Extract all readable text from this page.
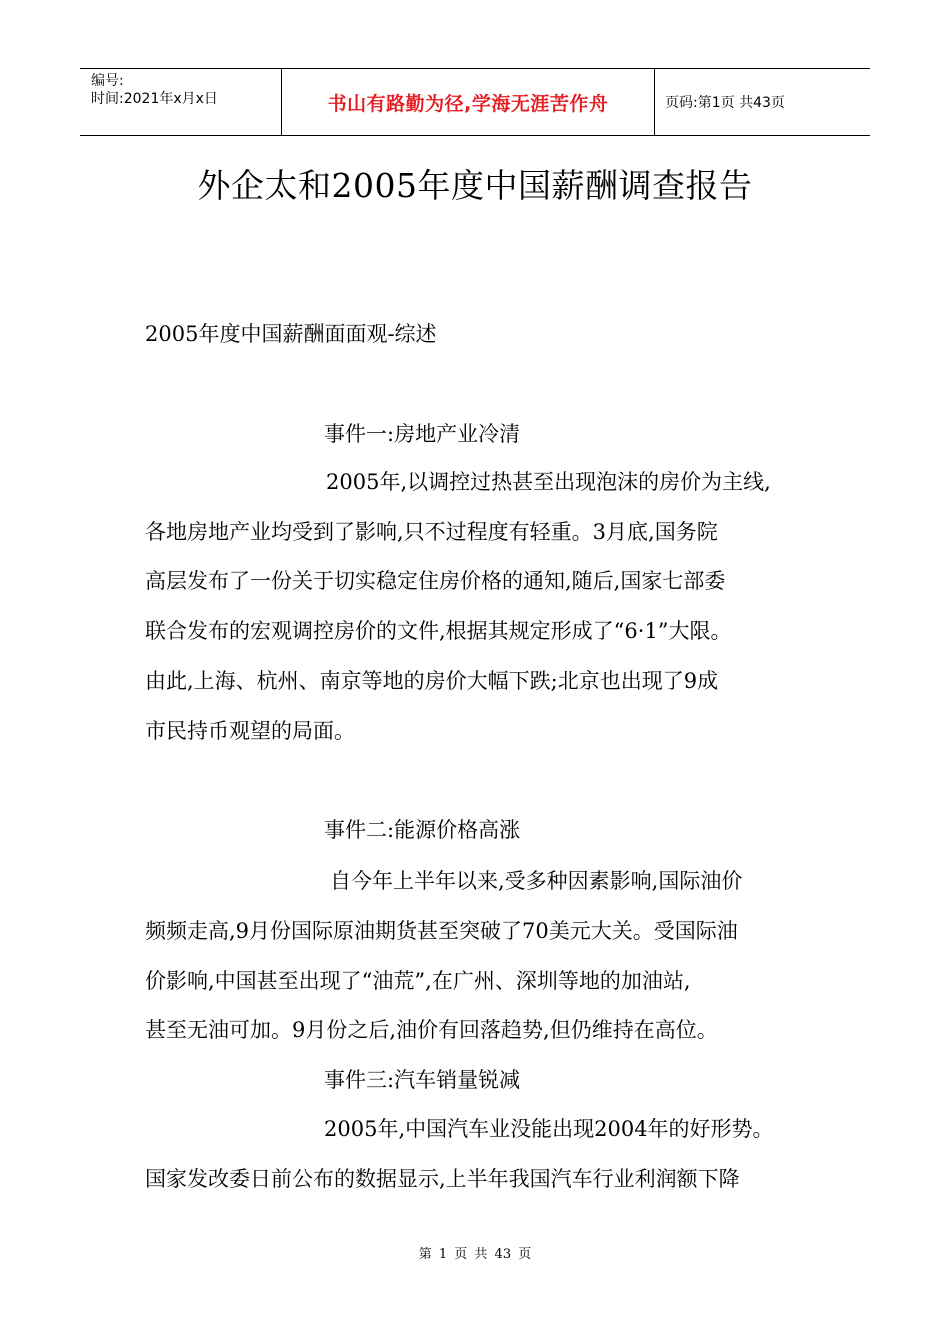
编号:
时间:2021年x月x日	书山有路勤为径,学海无涯苦作舟	页码:第1页 共43页
外企太和2005年度中国薪酬调查报告
2005年度中国薪酬面面观-综述
事件一:房地产业冷清
2005年,以调控过热甚至出现泡沫的房价为主线,
各地房地产业均受到了影响,只不过程度有轻重。3月底,国务院
高层发布了一份关于切实稳定住房价格的通知,随后,国家七部委
联合发布的宏观调控房价的文件,根据其规定形成了“6·1”大限。
由此,上海、杭州、南京等地的房价大幅下跌;北京也出现了9成
市民持币观望的局面。
事件二:能源价格高涨
自今年上半年以来,受多种因素影响,国际油价
频频走高,9月份国际原油期货甚至突破了70美元大关。受国际油
价影响,中国甚至出现了“油荒”,在广州、深圳等地的加油站,
甚至无油可加。9月份之后,油价有回落趋势,但仍维持在高位。
事件三:汽车销量锐减
2005年,中国汽车业没能出现2004年的好形势。
国家发改委日前公布的数据显示,上半年我国汽车行业利润额下降
第 1 页 共 43 页
